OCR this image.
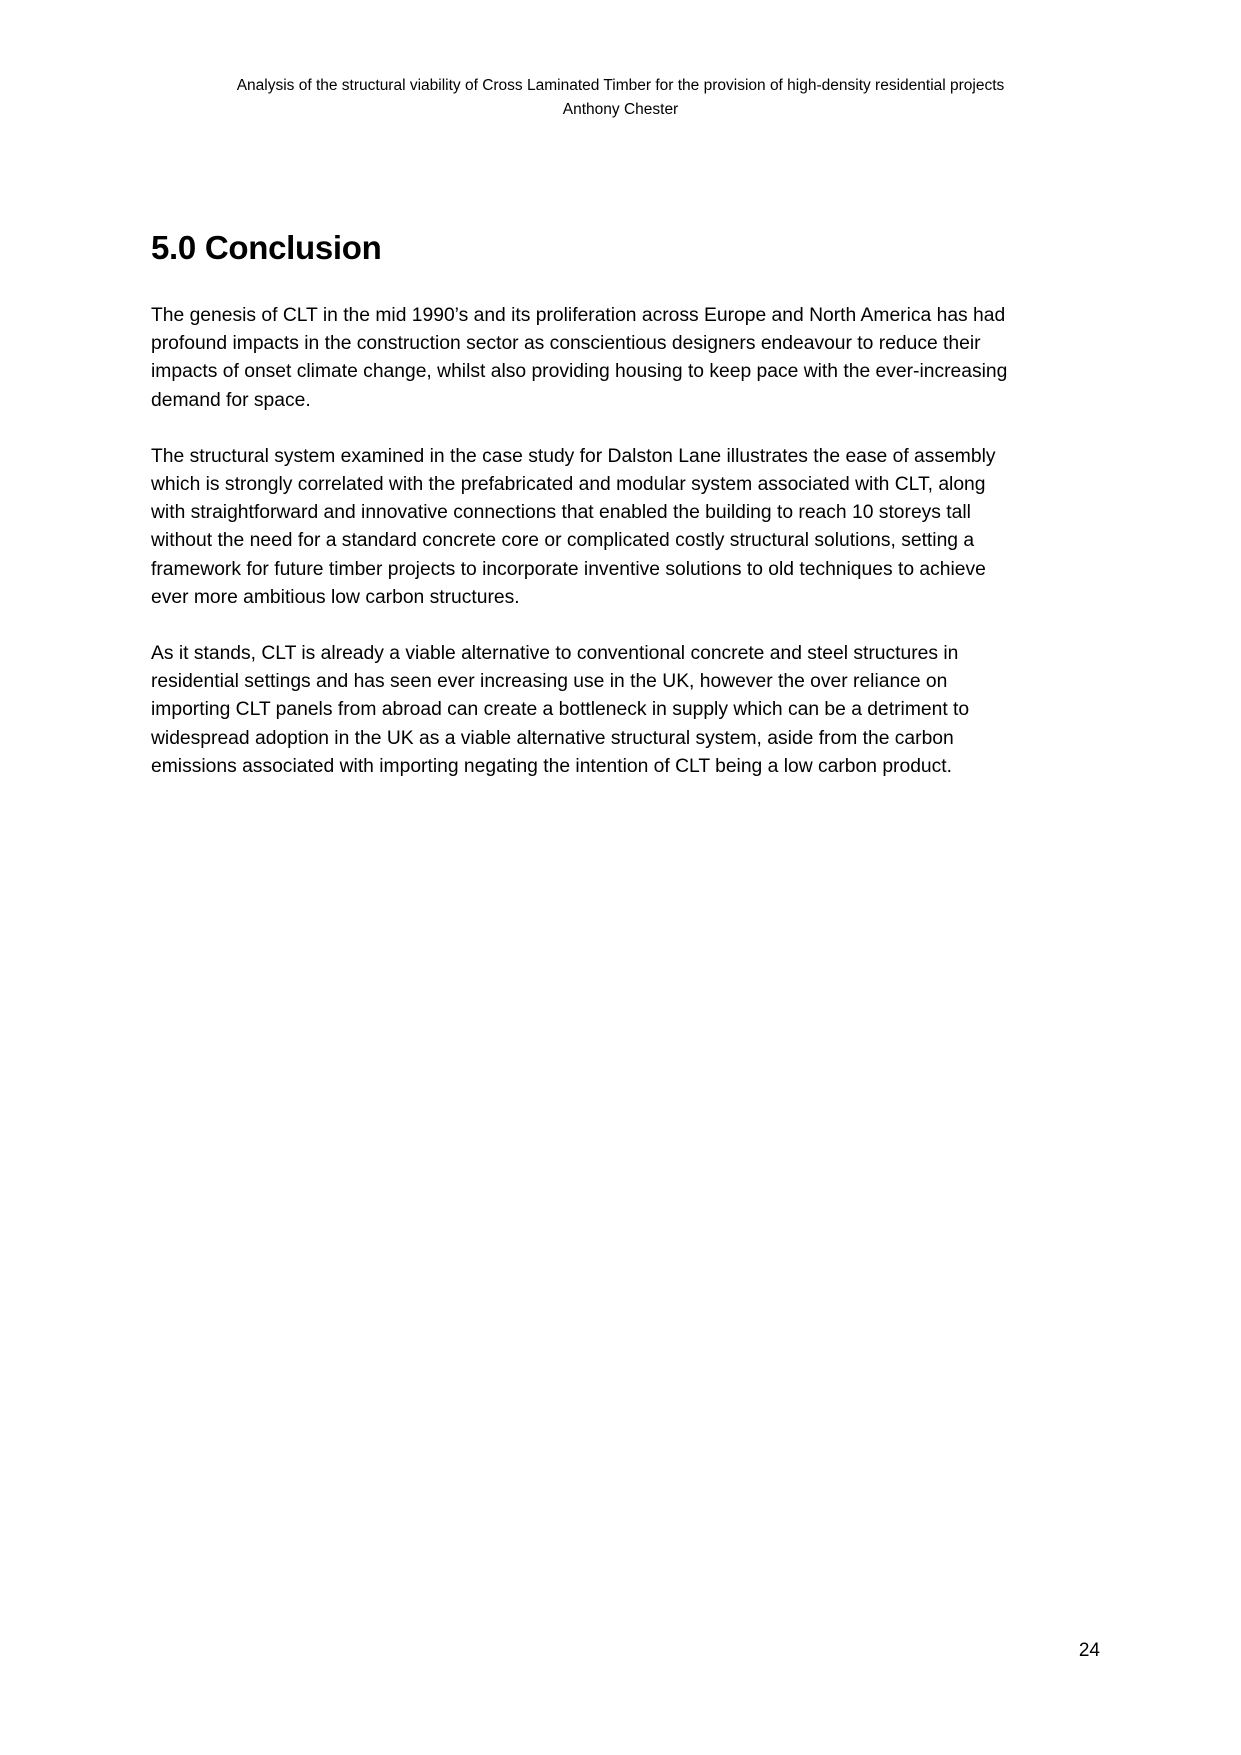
Analysis of the structural viability of Cross Laminated Timber for the provision of high-density residential projects
Anthony Chester
5.0 Conclusion
The genesis of CLT in the mid 1990’s and its proliferation across Europe and North America has had
profound impacts in the construction sector as conscientious designers endeavour to reduce their
impacts of onset climate change, whilst also providing housing to keep pace with the ever-increasing
demand for space.
The structural system examined in the case study for Dalston Lane illustrates the ease of assembly
which is strongly correlated with the prefabricated and modular system associated with CLT, along
with straightforward and innovative connections that enabled the building to reach 10 storeys tall
without the need for a standard concrete core or complicated costly structural solutions, setting a
framework for future timber projects to incorporate inventive solutions to old techniques to achieve
ever more ambitious low carbon structures.
As it stands, CLT is already a viable alternative to conventional concrete and steel structures in
residential settings and has seen ever increasing use in the UK, however the over reliance on
importing CLT panels from abroad can create a bottleneck in supply which can be a detriment to
widespread adoption in the UK as a viable alternative structural system, aside from the carbon
emissions associated with importing negating the intention of CLT being a low carbon product.
24
